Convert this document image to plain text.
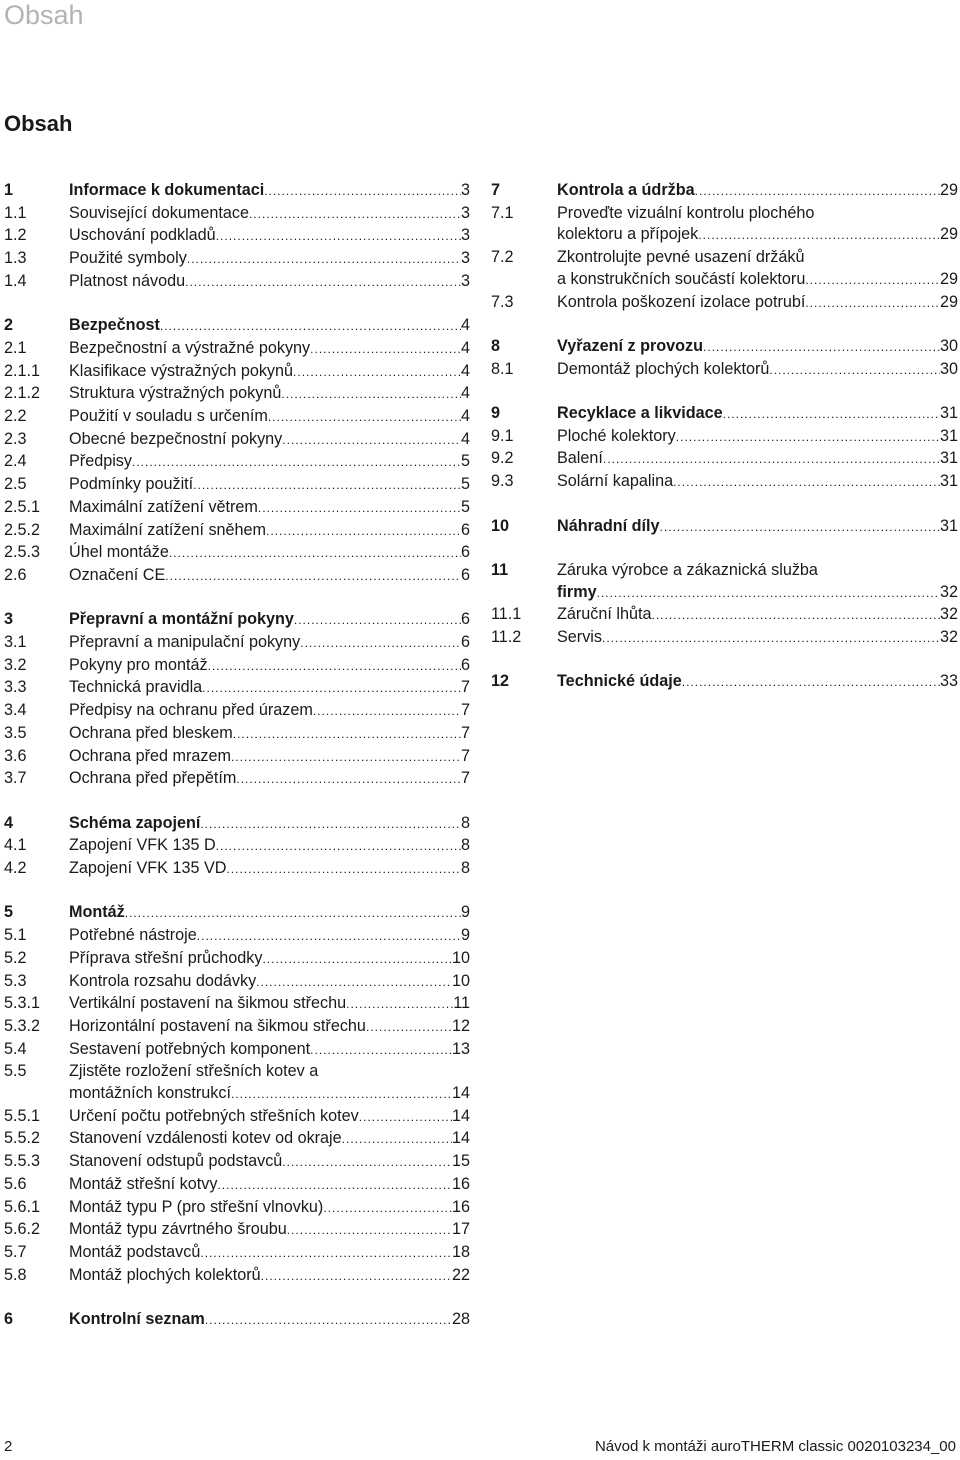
Obsah
Obsah
1	Informace k dokumentaci .....	3
1.1	Související dokumentace .....	3
1.2	Uschování podkladů .....	3
1.3	Použité symboly .....	3
1.4	Platnost návodu .....	3
2	Bezpečnost .....	4
2.1	Bezpečnostní a výstražné pokyny .....	4
2.1.1	Klasifikace výstražných pokynů .....	4
2.1.2	Struktura výstražných pokynů .....	4
2.2	Použití v souladu s určením .....	4
2.3	Obecné bezpečnostní pokyny .....	4
2.4	Předpisy .....	5
2.5	Podmínky použití .....	5
2.5.1	Maximální zatížení větrem .....	5
2.5.2	Maximální zatížení sněhem .....	6
2.5.3	Úhel montáže .....	6
2.6	Označení CE .....	6
3	Přepravní a montážní pokyny .....	6
3.1	Přepravní a manipulační pokyny .....	6
3.2	Pokyny pro montáž .....	6
3.3	Technická pravidla .....	7
3.4	Předpisy na ochranu před úrazem .....	7
3.5	Ochrana před bleskem .....	7
3.6	Ochrana před mrazem .....	7
3.7	Ochrana před přepětím .....	7
4	Schéma zapojení .....	8
4.1	Zapojení VFK 135 D .....	8
4.2	Zapojení VFK 135 VD .....	8
5	Montáž .....	9
5.1	Potřebné nástroje .....	9
5.2	Příprava střešní průchodky .....	10
5.3	Kontrola rozsahu dodávky .....	10
5.3.1	Vertikální postavení na šikmou střechu .....	11
5.3.2	Horizontální postavení na šikmou střechu .....	12
5.4	Sestavení potřebných komponent .....	13
5.5	Zjistěte rozložení střešních kotev a
montážních konstrukcí .....	14
5.5.1	Určení počtu potřebných střešních kotev .....	14
5.5.2	Stanovení vzdálenosti kotev od okraje .....	14
5.5.3	Stanovení odstupů podstavců .....	15
5.6	Montáž střešní kotvy .....	16
5.6.1	Montáž typu P (pro střešní vlnovku) .....	16
5.6.2	Montáž typu závrtného šroubu .....	17
5.7	Montáž podstavců .....	18
5.8	Montáž plochých kolektorů .....	22
6	Kontrolní seznam .....	28
7	Kontrola a údržba .....	29
7.1	Proveďte vizuální kontrolu plochého
kolektoru a přípojek .....	29
7.2	Zkontrolujte pevné usazení držáků
a konstrukčních součástí kolektoru .....	29
7.3	Kontrola poškození izolace potrubí .....	29
8	Vyřazení z provozu .....	30
8.1	Demontáž plochých kolektorů .....	30
9	Recyklace a likvidace .....	31
9.1	Ploché kolektory .....	31
9.2	Balení .....	31
9.3	Solární kapalina .....	31
10	Náhradní díly .....	31
11	Záruka výrobce a zákaznická služba
firmy .....	32
11.1	Záruční lhůta .....	32
11.2	Servis .....	32
12	Technické údaje .....	33
2	Návod k montáži auroTHERM classic 0020103234_00
